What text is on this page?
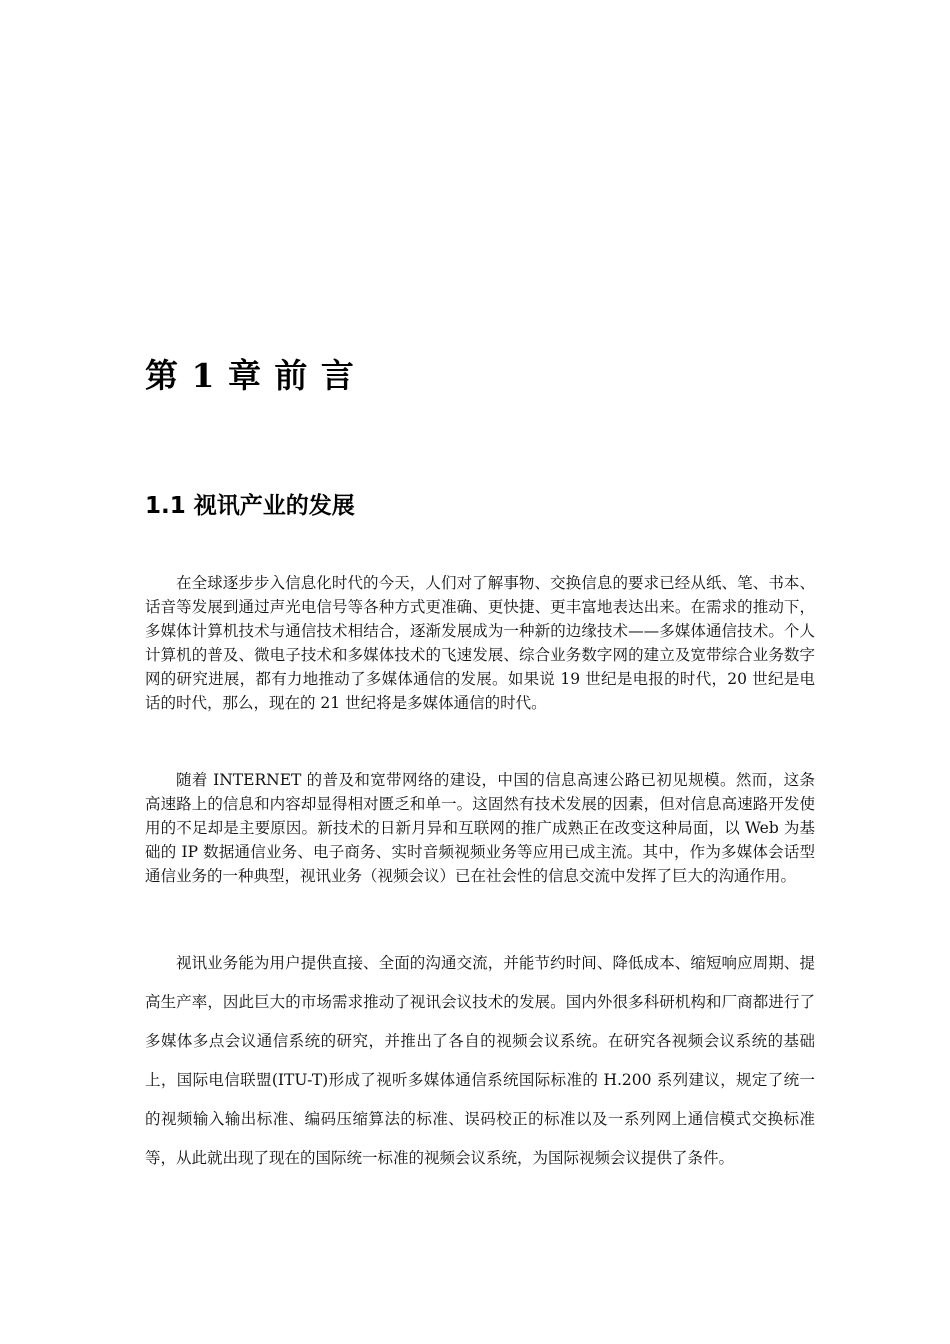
第 1 章 前 言
1.1 视讯产业的发展

在全球逐步步入信息化时代的今天，人们对了解事物、交换信息的要求已经从纸、笔、书本、话音等发展到通过声光电信号等各种方式更准确、更快捷、更丰富地表达出来。在需求的推动下，多媒体计算机技术与通信技术相结合，逐渐发展成为一种新的边缘技术——多媒体通信技术。个人计算机的普及、微电子技术和多媒体技术的飞速发展、综合业务数字网的建立及宽带综合业务数字网的研究进展，都有力地推动了多媒体通信的发展。如果说 19 世纪是电报的时代，20 世纪是电话的时代，那么，现在的 21 世纪将是多媒体通信的时代。

随着 INTERNET 的普及和宽带网络的建设，中国的信息高速公路已初见规模。然而，这条高速路上的信息和内容却显得相对匮乏和单一。这固然有技术发展的因素，但对信息高速路开发使用的不足却是主要原因。新技术的日新月异和互联网的推广成熟正在改变这种局面，以 Web 为基础的 IP 数据通信业务、电子商务、实时音频视频业务等应用已成主流。其中，作为多媒体会话型通信业务的一种典型，视讯业务（视频会议）已在社会性的信息交流中发挥了巨大的沟通作用。

视讯业务能为用户提供直接、全面的沟通交流，并能节约时间、降低成本、缩短响应周期、提高生产率，因此巨大的市场需求推动了视讯会议技术的发展。国内外很多科研机构和厂商都进行了多媒体多点会议通信系统的研究，并推出了各自的视频会议系统。在研究各视频会议系统的基础上，国际电信联盟(ITU-T)形成了视听多媒体通信系统国际标准的 H.200 系列建议，规定了统一的视频输入输出标准、编码压缩算法的标准、误码校正的标准以及一系列网上通信模式交换标准等，从此就出现了现在的国际统一标准的视频会议系统，为国际视频会议提供了条件。
